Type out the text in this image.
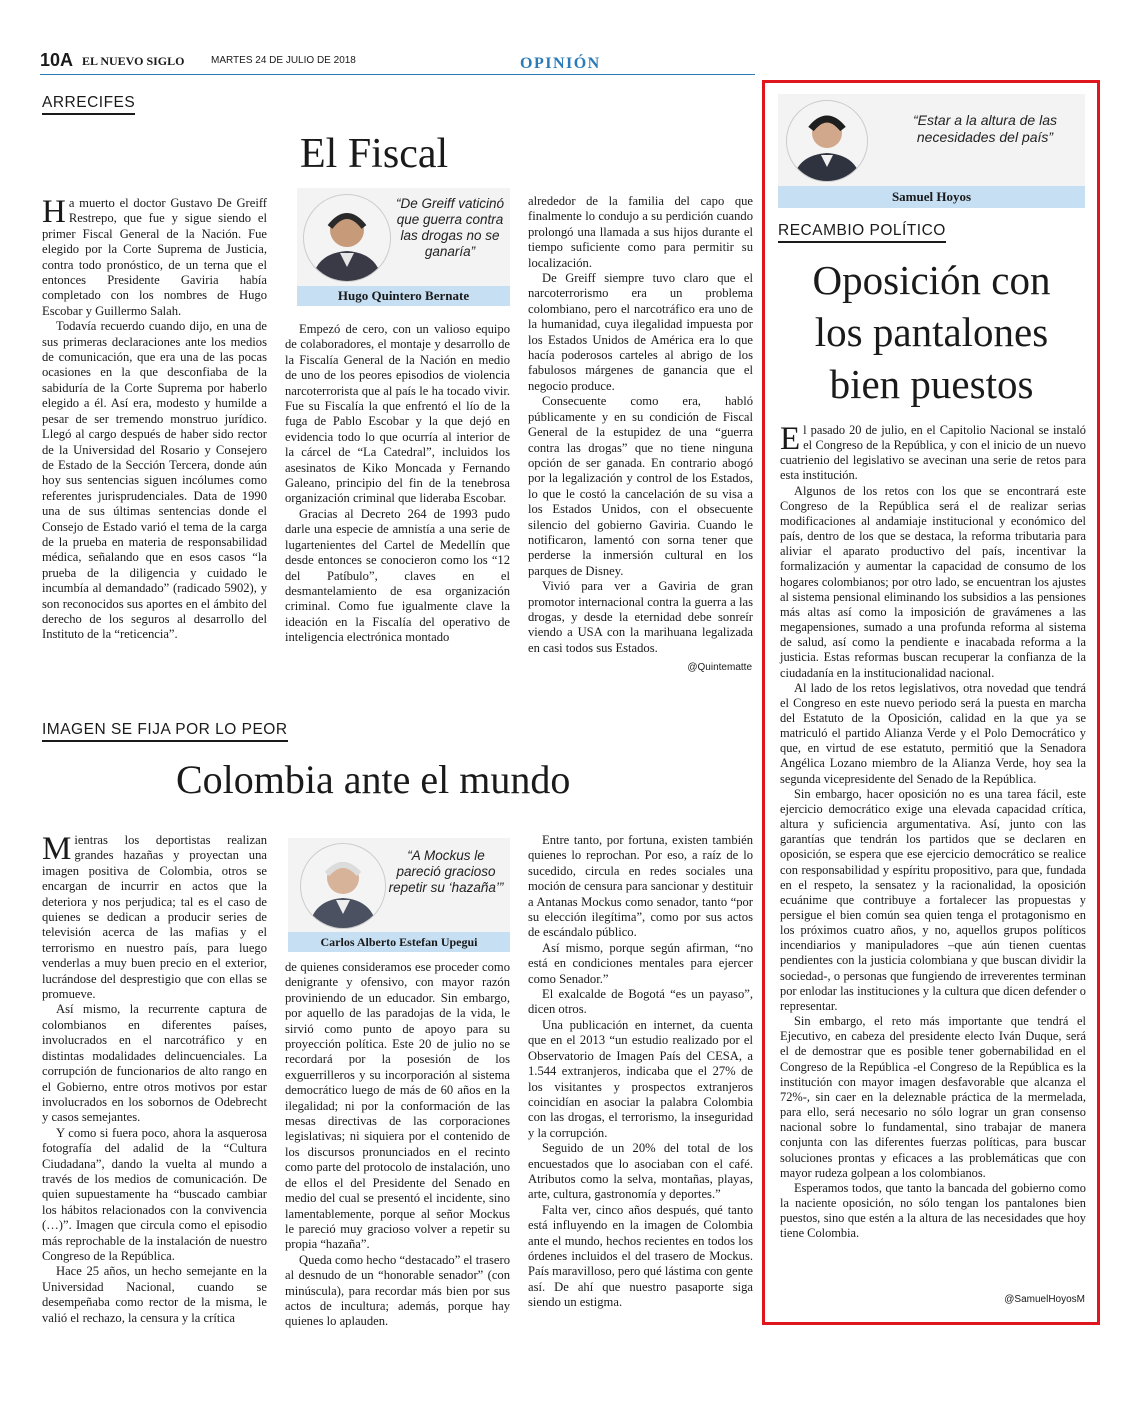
10A EL NUEVO SIGLO	MARTES 24 DE JULIO DE 2018	OPINIÓN
ARRECIFES
El Fiscal

Ha muerto el doctor Gustavo De Greiff Restrepo, que fue y sigue siendo el primer Fiscal General de la Nación. Fue elegido por la Corte Suprema de Justicia, contra todo pronóstico, de un terna que el entonces Presidente Gaviria había completado con los nombres de Hugo Escobar y Guillermo Salah.

Todavía recuerdo cuando dijo, en una de sus primeras declaraciones ante los medios de comunicación, que era una de las pocas ocasiones en la que desconfiaba de la sabiduría de la Corte Suprema por haberlo elegido a él. Así era, modesto y humilde a pesar de ser tremendo monstruo jurídico. Llegó al cargo después de haber sido rector de la Universidad del Rosario y Consejero de Estado de la Sección Tercera, donde aún hoy sus sentencias siguen incólumes como referentes jurisprudenciales. Data de 1990 una de sus últimas sentencias donde el Consejo de Estado varió el tema de la carga de la prueba en materia de responsabilidad médica, señalando que en esos casos “la prueba de la diligencia y cuidado le incumbía al demandado” (radicado 5902), y son reconocidos sus aportes en el ámbito del derecho de los seguros al desarrollo del Instituto de la “reticencia”.

“De Greiff vaticinó que guerra contra las drogas no se ganaría”
Hugo Quintero Bernate

Empezó de cero, con un valioso equipo de colaboradores, el montaje y desarrollo de la Fiscalía General de la Nación en medio de uno de los peores episodios de violencia narcoterrorista que al país le ha tocado vivir. Fue su Fiscalía la que enfrentó el lío de la fuga de Pablo Escobar y la que dejó en evidencia todo lo que ocurría al interior de la cárcel de “La Catedral”, incluidos los asesinatos de Kiko Moncada y Fernando Galeano, principio del fin de la tenebrosa organización criminal que lideraba Escobar.

Gracias al Decreto 264 de 1993 pudo darle una especie de amnistía a una serie de lugartenientes del Cartel de Medellín que desde entonces se conocieron como los “12 del Patíbulo”, claves en el desmantelamiento de esa organización criminal. Como fue igualmente clave la ideación en la Fiscalía del operativo de inteligencia electrónica montado

alrededor de la familia del capo que finalmente lo condujo a su perdición cuando prolongó una llamada a sus hijos durante el tiempo suficiente como para permitir su localización.

De Greiff siempre tuvo claro que el narcoterrorismo era un problema colombiano, pero el narcotráfico era uno de la humanidad, cuya ilegalidad impuesta por los Estados Unidos de América era lo que hacía poderosos carteles al abrigo de los fabulosos márgenes de ganancia que el negocio produce.

Consecuente como era, habló públicamente y en su condición de Fiscal General de la estupidez de una “guerra contra las drogas” que no tiene ninguna opción de ser ganada. En contrario abogó por la legalización y control de los Estados, lo que le costó la cancelación de su visa a los Estados Unidos, con el obsecuente silencio del gobierno Gaviria. Cuando le notificaron, lamentó con sorna tener que perderse la inmersión cultural en los parques de Disney.

Vivió para ver a Gaviria de gran promotor internacional contra la guerra a las drogas, y desde la eternidad debe sonreír viendo a USA con la marihuana legalizada en casi todos sus Estados.

@Quintematte
IMAGEN SE FIJA POR LO PEOR
Colombia ante el mundo

Mientras los deportistas realizan grandes hazañas y proyectan una imagen positiva de Colombia, otros se encargan de incurrir en actos que la deteriora y nos perjudica; tal es el caso de quienes se dedican a producir series de televisión acerca de las mafias y el terrorismo en nuestro país, para luego venderlas a muy buen precio en el exterior, lucrándose del desprestigio que con ellas se promueve.

Así mismo, la recurrente captura de colombianos en diferentes países, involucrados en el narcotráfico y en distintas modalidades delincuenciales. La corrupción de funcionarios de alto rango en el Gobierno, entre otros motivos por estar involucrados en los sobornos de Odebrecht y casos semejantes.

Y como si fuera poco, ahora la asquerosa fotografía del adalid de la “Cultura Ciudadana”, dando la vuelta al mundo a través de los medios de comunicación. De quien supuestamente ha “buscado cambiar los hábitos relacionados con la convivencia (…)”. Imagen que circula como el episodio más reprochable de la instalación de nuestro Congreso de la República.

Hace 25 años, un hecho semejante en la Universidad Nacional, cuando se desempeñaba como rector de la misma, le valió el rechazo, la censura y la crítica

“A Mockus le pareció gracioso repetir su ‘hazaña’”
Carlos Alberto Estefan Upegui

de quienes consideramos ese proceder como denigrante y ofensivo, con mayor razón proviniendo de un educador. Sin embargo, por aquello de las paradojas de la vida, le sirvió como punto de apoyo para su proyección política. Este 20 de julio no se recordará por la posesión de los exguerrilleros y su incorporación al sistema democrático luego de más de 60 años en la ilegalidad; ni por la conformación de las mesas directivas de las corporaciones legislativas; ni siquiera por el contenido de los discursos pronunciados en el recinto como parte del protocolo de instalación, uno de ellos el del Presidente del Senado en medio del cual se presentó el incidente, sino lamentablemente, porque al señor Mockus le pareció muy gracioso volver a repetir su propia “hazaña”.

Queda como hecho “destacado” el trasero al desnudo de un “honorable senador” (con minúscula), para recordar más bien por sus actos de incultura; además, porque hay quienes lo aplauden.

Entre tanto, por fortuna, existen también quienes lo reprochan. Por eso, a raíz de lo sucedido, circula en redes sociales una moción de censura para sancionar y destituir a Antanas Mockus como senador, tanto “por su elección ilegítima”, como por sus actos de escándalo público.

Así mismo, porque según afirman, “no está en condiciones mentales para ejercer como Senador.”

El exalcalde de Bogotá “es un payaso”, dicen otros.

Una publicación en internet, da cuenta que en el 2013 “un estudio realizado por el Observatorio de Imagen País del CESA, a 1.544 extranjeros, indicaba que el 27% de los visitantes y prospectos extranjeros coincidían en asociar la palabra Colombia con las drogas, el terrorismo, la inseguridad y la corrupción.

Seguido de un 20% del total de los encuestados que lo asociaban con el café. Atributos como la selva, montañas, playas, arte, cultura, gastronomía y deportes.”

Falta ver, cinco años después, qué tanto está influyendo en la imagen de Colombia ante el mundo, hechos recientes en todos los órdenes incluidos el del trasero de Mockus. País maravilloso, pero qué lástima con gente así. De ahí que nuestro pasaporte siga siendo un estigma.

“Estar a la altura de las necesidades del país”
Samuel Hoyos
RECAMBIO POLÍTICO
Oposición con
los pantalones
bien puestos

El pasado 20 de julio, en el Capitolio Nacional se instaló el Congreso de la República, y con el inicio de un nuevo cuatrienio del legislativo se avecinan una serie de retos para esta institución.

Algunos de los retos con los que se encontrará este Congreso de la República será el de realizar serias modificaciones al andamiaje institucional y económico del país, dentro de los que se destaca, la reforma tributaria para aliviar el aparato productivo del país, incentivar la formalización y aumentar la capacidad de consumo de los hogares colombianos; por otro lado, se encuentran los ajustes al sistema pensional eliminando los subsidios a las pensiones más altas así como la imposición de gravámenes a las megapensiones, sumado a una profunda reforma al sistema de salud, así como la pendiente e inacabada reforma a la justicia. Estas reformas buscan recuperar la confianza de la ciudadanía en la institucionalidad nacional.

Al lado de los retos legislativos, otra novedad que tendrá el Congreso en este nuevo periodo será la puesta en marcha del Estatuto de la Oposición, calidad en la que ya se matriculó el partido Alianza Verde y el Polo Democrático y que, en virtud de ese estatuto, permitió que la Senadora Angélica Lozano miembro de la Alianza Verde, hoy sea la segunda vicepresidente del Senado de la República.

Sin embargo, hacer oposición no es una tarea fácil, este ejercicio democrático exige una elevada capacidad crítica, altura y suficiencia argumentativa. Así, junto con las garantías que tendrán los partidos que se declaren en oposición, se espera que ese ejercicio democrático se realice con responsabilidad y espíritu propositivo, para que, fundada en el respeto, la sensatez y la racionalidad, la oposición ecuánime que contribuye a fortalecer las propuestas y persigue el bien común sea quien tenga el protagonismo en los próximos cuatro años, y no, aquellos grupos políticos incendiarios y manipuladores –que aún tienen cuentas pendientes con la justicia colombiana y que buscan dividir la sociedad-, o personas que fungiendo de irreverentes terminan por enlodar las instituciones y la cultura que dicen defender o representar.

Sin embargo, el reto más importante que tendrá el Ejecutivo, en cabeza del presidente electo Iván Duque, será el de demostrar que es posible tener gobernabilidad en el Congreso de la República -el Congreso de la República es la institución con mayor imagen desfavorable que alcanza el 72%-, sin caer en la deleznable práctica de la mermelada, para ello, será necesario no sólo lograr un gran consenso nacional sobre lo fundamental, sino trabajar de manera conjunta con las diferentes fuerzas políticas, para buscar soluciones prontas y eficaces a las problemáticas que con mayor rudeza golpean a los colombianos.

Esperamos todos, que tanto la bancada del gobierno como la naciente oposición, no sólo tengan los pantalones bien puestos, sino que estén a la altura de las necesidades que hoy tiene Colombia.

@SamuelHoyosM
